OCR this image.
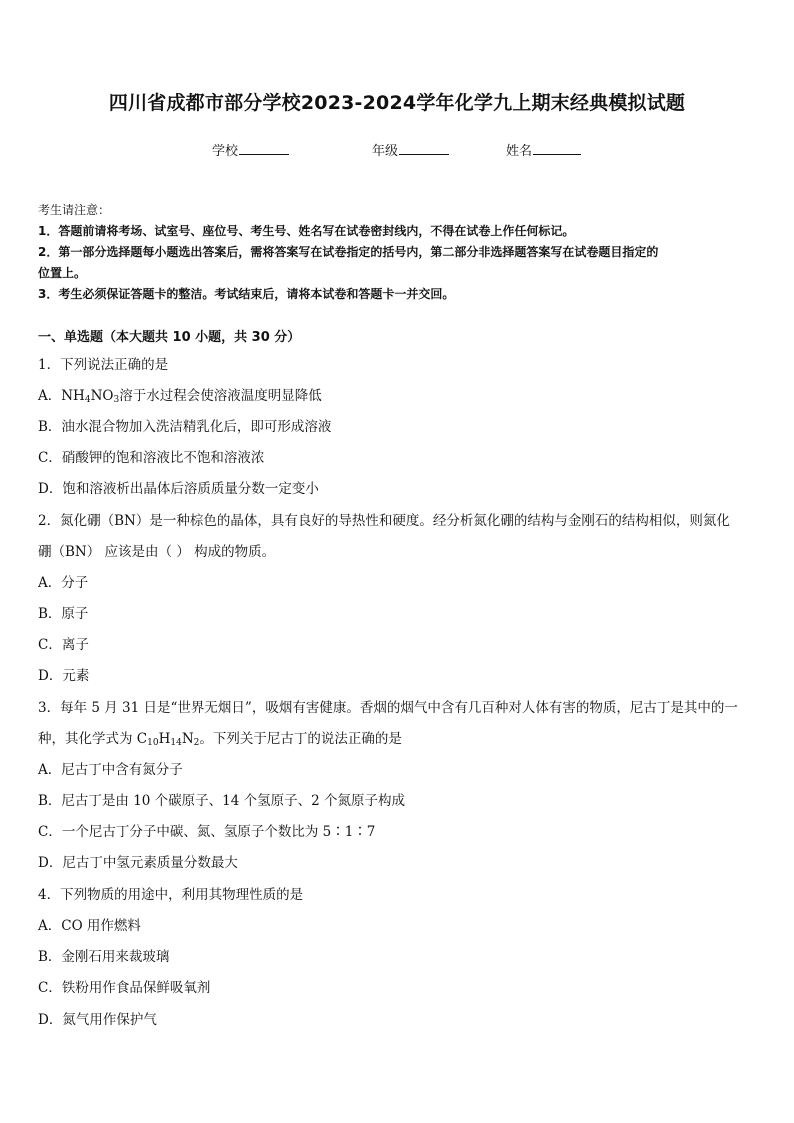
四川省成都市部分学校2023-2024学年化学九上期末经典模拟试题
学校	年级	姓名
考生请注意：
1．答题前请将考场、试室号、座位号、考生号、姓名写在试卷密封线内，不得在试卷上作任何标记。
2．第一部分选择题每小题选出答案后，需将答案写在试卷指定的括号内，第二部分非选择题答案写在试卷题目指定的
位置上。
3．考生必须保证答题卡的整洁。考试结束后，请将本试卷和答题卡一并交回。
一、单选题（本大题共 10 小题，共 30 分）
1．下列说法正确的是
A．$NH_4NO_3$溶于水过程会使溶液温度明显降低
B．油水混合物加入洗洁精乳化后，即可形成溶液
C．硝酸钾的饱和溶液比不饱和溶液浓
D．饱和溶液析出晶体后溶质质量分数一定变小
2．氮化硼（BN）是一种棕色的晶体，具有良好的导热性和硬度。经分析氮化硼的结构与金刚石的结构相似，则氮化
硼（BN） 应该是由（ ） 构成的物质。
A．分子
B．原子
C．离子
D．元素
3．每年 5 月 31 日是“世界无烟日”，吸烟有害健康。香烟的烟气中含有几百种对人体有害的物质，尼古丁是其中的一
种，其化学式为 $C_{10}H_{14}N_2$。下列关于尼古丁的说法正确的是
A．尼古丁中含有氮分子
B．尼古丁是由 10 个碳原子、14 个氢原子、2 个氮原子构成
C．一个尼古丁分子中碳、氮、氢原子个数比为 5∶1∶7
D．尼古丁中氢元素质量分数最大
4．下列物质的用途中，利用其物理性质的是
A．CO 用作燃料
B．金刚石用来裁玻璃
C．铁粉用作食品保鲜吸氧剂
D．氮气用作保护气
